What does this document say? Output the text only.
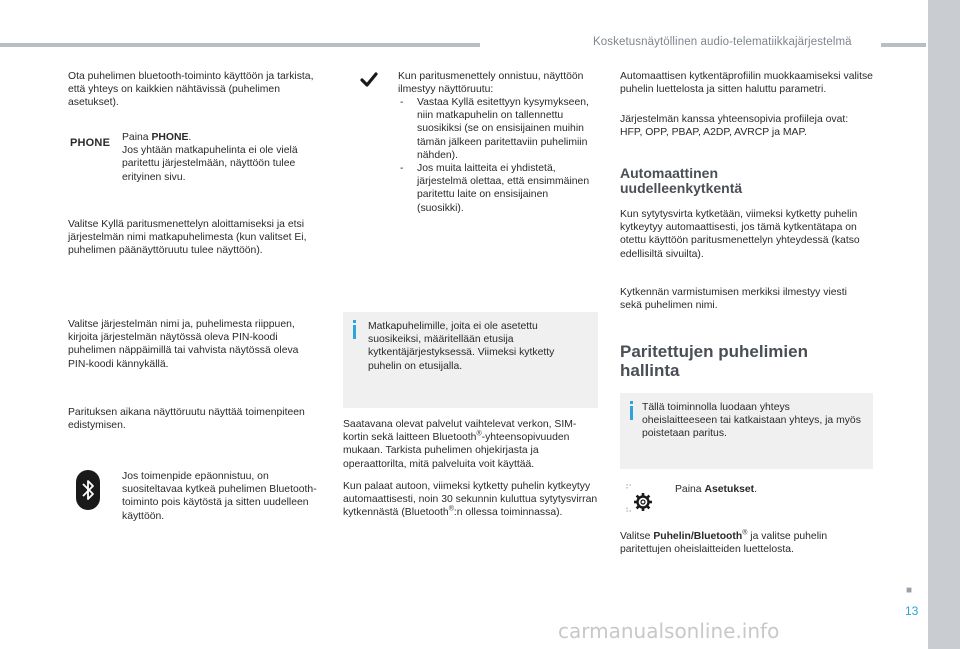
Kosketusnäytöllinen audio-telematiikkajärjestelmä

Ota puhelimen bluetooth-toiminto käyttöön ja tarkista, että yhteys on kaikkien nähtävissä (puhelimen asetukset).

PHONE Paina PHONE.
Jos yhtään matkapuhelinta ei ole vielä paritettu järjestelmään, näyttöön tulee erityinen sivu.

Valitse Kyllä paritusmenettelyn aloittamiseksi ja etsi järjestelmän nimi matkapuhelimesta (kun valitset Ei, puhelimen päänäyttöruutu tulee näyttöön).

Valitse järjestelmän nimi ja, puhelimesta riippuen, kirjoita järjestelmän näytössä oleva PIN-koodi puhelimen näppäimillä tai vahvista näytössä oleva PIN-koodi kännykällä.

Parituksen aikana näyttöruutu näyttää toimenpiteen edistymisen.

Jos toimenpide epäonnistuu, on suositeltavaa kytkeä puhelimen Bluetooth-toiminto pois käytöstä ja sitten uudelleen käyttöön.

Kun paritusmenettely onnistuu, näyttöön ilmestyy näyttöruutu:

- Vastaa Kyllä esitettyyn kysymykseen, niin matkapuhelin on tallennettu suosikiksi (se on ensisijainen muihin tämän jälkeen paritettaviin puhelimiin nähden).
- Jos muita laitteita ei yhdistetä, järjestelmä olettaa, että ensimmäinen paritettu laite on ensisijainen (suosikki).

Matkapuhelimille, joita ei ole asetettu suosikeiksi, määritellään etusija kytkentäjärjestyksessä. Viimeksi kytketty puhelin on etusijalla.

Saatavana olevat palvelut vaihtelevat verkon, SIM-kortin sekä laitteen Bluetooth®-yhteensopivuuden mukaan. Tarkista puhelimen ohjekirjasta ja operaattorilta, mitä palveluita voit käyttää.

Kun palaat autoon, viimeksi kytketty puhelin kytkeytyy automaattisesti, noin 30 sekunnin kuluttua sytytysvirran kytkennästä (Bluetooth®:n ollessa toiminnassa).

Automaattisen kytkentäprofiilin muokkaamiseksi valitse puhelin luettelosta ja sitten haluttu parametri.

Järjestelmän kanssa yhteensopivia profiileja ovat: HFP, OPP, PBAP, A2DP, AVRCP ja MAP.

Automaattinen
uudelleenkytkentä

Kun sytytysvirta kytketään, viimeksi kytketty puhelin kytkeytyy automaattisesti, jos tämä kytkentätapa on otettu käyttöön paritusmenettelyn yhteydessä (katso edellisiltä sivuilta).

Kytkennän varmistumisen merkiksi ilmestyy viesti sekä puhelimen nimi.

Paritettujen puhelimien
hallinta

Tällä toiminnolla luodaan yhteys oheislaitteeseen tai katkaistaan yhteys, ja myös poistetaan paritus.

Paina Asetukset.

Valitse Puhelin/Bluetooth® ja valitse puhelin paritettujen oheislaitteiden luettelosta.

■
13
carmanualsonline.info
